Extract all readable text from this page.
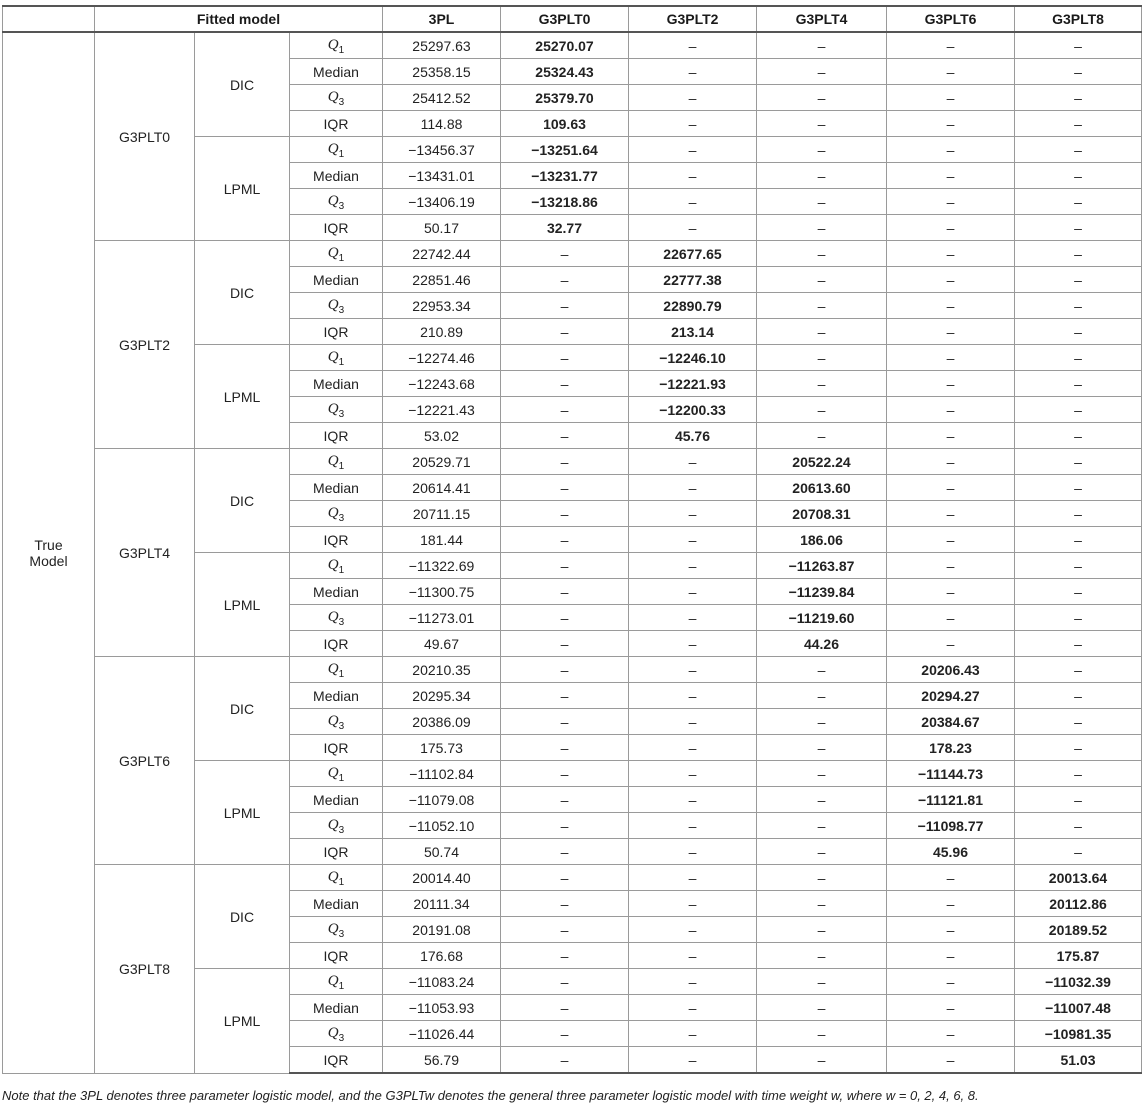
	Fitted model			3PL	G3PLT0	G3PLT2	G3PLT4	G3PLT6	G3PLT8
True Model	G3PLT0	DIC	$Q_1$	25297.63	25270.07	–	–	–	–
			Median	25358.15	25324.43	–	–	–	–
			$Q_3$	25412.52	25379.70	–	–	–	–
			IQR	114.88	109.63	–	–	–	–
		LPML	$Q_1$	−13456.37	−13251.64	–	–	–	–
			Median	−13431.01	−13231.77	–	–	–	–
			$Q_3$	−13406.19	−13218.86	–	–	–	–
			IQR	50.17	32.77	–	–	–	–
	G3PLT2	DIC	$Q_1$	22742.44	–	22677.65	–	–	–
			Median	22851.46	–	22777.38	–	–	–
			$Q_3$	22953.34	–	22890.79	–	–	–
			IQR	210.89	–	213.14	–	–	–
		LPML	$Q_1$	−12274.46	–	−12246.10	–	–	–
			Median	−12243.68	–	−12221.93	–	–	–
			$Q_3$	−12221.43	–	−12200.33	–	–	–
			IQR	53.02	–	45.76	–	–	–
	G3PLT4	DIC	$Q_1$	20529.71	–	–	20522.24	–	–
			Median	20614.41	–	–	20613.60	–	–
			$Q_3$	20711.15	–	–	20708.31	–	–
			IQR	181.44	–	–	186.06	–	–
		LPML	$Q_1$	−11322.69	–	–	−11263.87	–	–
			Median	−11300.75	–	–	−11239.84	–	–
			$Q_3$	−11273.01	–	–	−11219.60	–	–
			IQR	49.67	–	–	44.26	–	–
	G3PLT6	DIC	$Q_1$	20210.35	–	–	–	20206.43	–
			Median	20295.34	–	–	–	20294.27	–
			$Q_3$	20386.09	–	–	–	20384.67	–
			IQR	175.73	–	–	–	178.23	–
		LPML	$Q_1$	−11102.84	–	–	–	−11144.73	–
			Median	−11079.08	–	–	–	−11121.81	–
			$Q_3$	−11052.10	–	–	–	−11098.77	–
			IQR	50.74	–	–	–	45.96	–
	G3PLT8	DIC	$Q_1$	20014.40	–	–	–	–	20013.64
			Median	20111.34	–	–	–	–	20112.86
			$Q_3$	20191.08	–	–	–	–	20189.52
			IQR	176.68	–	–	–	–	175.87
		LPML	$Q_1$	−11083.24	–	–	–	–	−11032.39
			Median	−11053.93	–	–	–	–	−11007.48
			$Q_3$	−11026.44	–	–	–	–	−10981.35
			IQR	56.79	–	–	–	–	51.03
Note that the 3PL denotes three parameter logistic model, and the G3PLTw denotes the general three parameter logistic model with time weight w, where w = 0, 2, 4, 6, 8.
